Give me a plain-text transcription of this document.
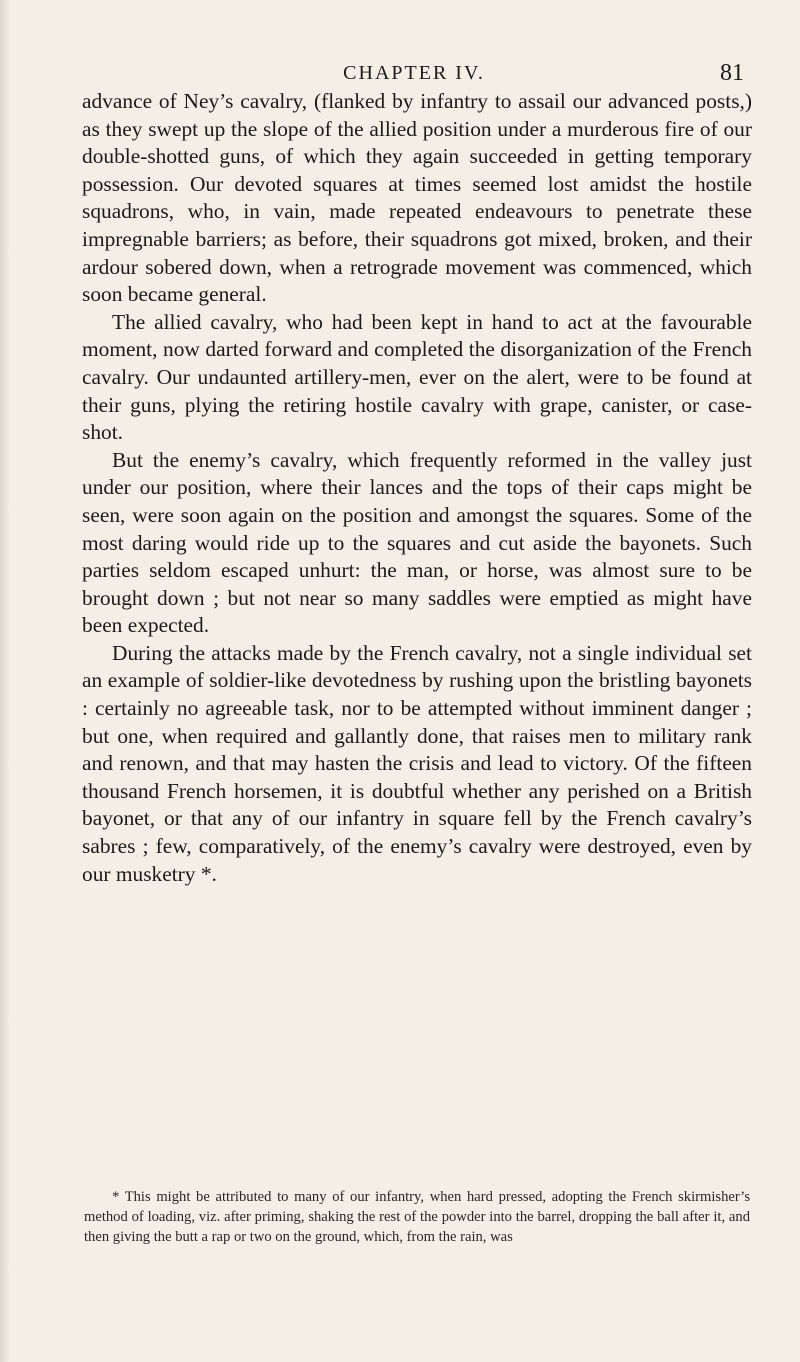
CHAPTER IV.	81

advance of Ney’s cavalry, (flanked by infantry to assail our advanced posts,) as they swept up the slope of the allied position under a murderous fire of our double-shotted guns, of which they again succeeded in getting temporary possession. Our devoted squares at times seemed lost amidst the hostile squadrons, who, in vain, made repeated endeavours to penetrate these impregnable barriers; as before, their squadrons got mixed, broken, and their ardour sobered down, when a retrograde movement was commenced, which soon became general.

The allied cavalry, who had been kept in hand to act at the favourable moment, now darted forward and completed the disorganization of the French cavalry. Our undaunted artillery-men, ever on the alert, were to be found at their guns, plying the retiring hostile cavalry with grape, canister, or case-shot.

But the enemy’s cavalry, which frequently reformed in the valley just under our position, where their lances and the tops of their caps might be seen, were soon again on the position and amongst the squares. Some of the most daring would ride up to the squares and cut aside the bayonets. Such parties seldom escaped unhurt: the man, or horse, was almost sure to be brought down ; but not near so many saddles were emptied as might have been expected.

During the attacks made by the French cavalry, not a single individual set an example of soldier-like devotedness by rushing upon the bristling bayonets : certainly no agreeable task, nor to be attempted without imminent danger ; but one, when required and gallantly done, that raises men to military rank and renown, and that may hasten the crisis and lead to victory. Of the fifteen thousand French horsemen, it is doubtful whether any perished on a British bayonet, or that any of our infantry in square fell by the French cavalry’s sabres ; few, comparatively, of the enemy’s cavalry were destroyed, even by our musketry *.

* This might be attributed to many of our infantry, when hard pressed, adopting the French skirmisher’s method of loading, viz. after priming, shaking the rest of the powder into the barrel, dropping the ball after it, and then giving the butt a rap or two on the ground, which, from the rain, was
